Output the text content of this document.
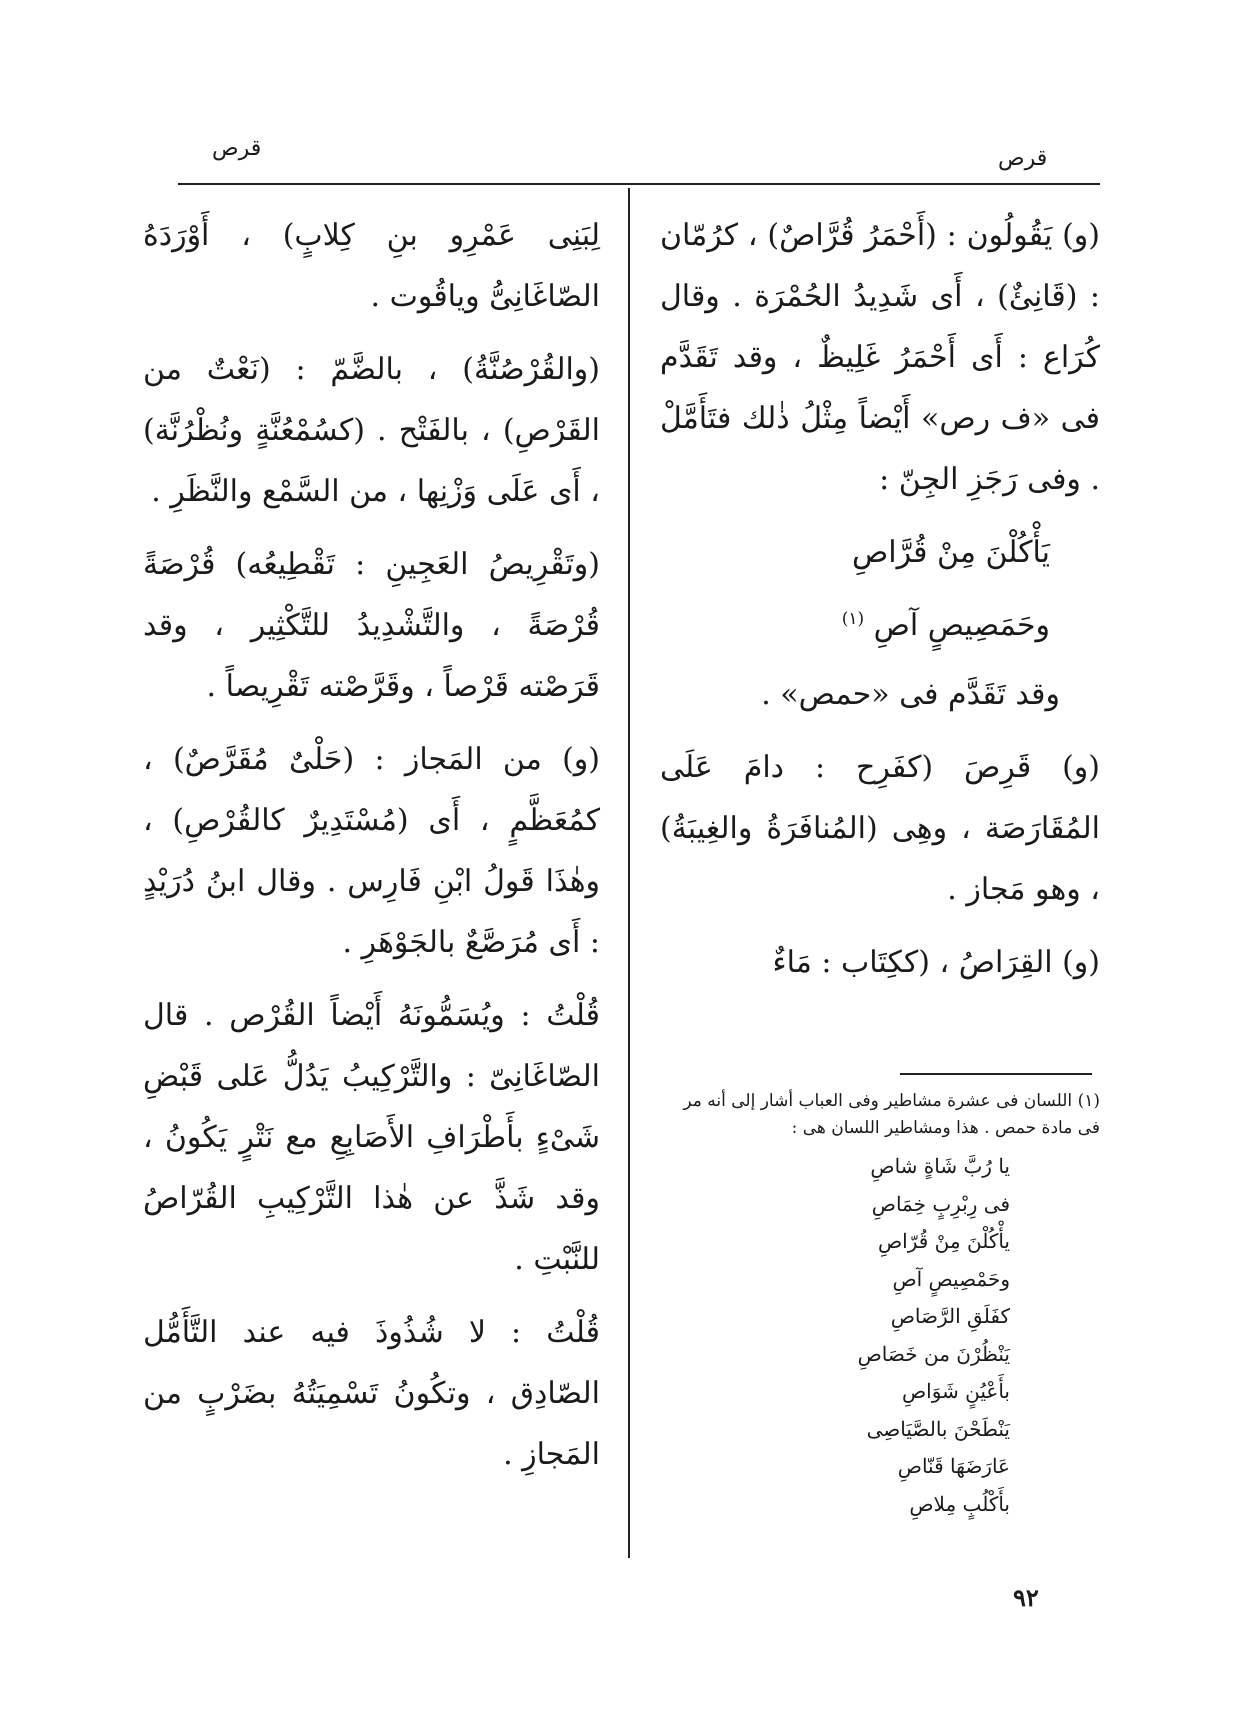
قرص	قرص

(و) يَقُولُون : (أَحْمَرُ قُرَّاصٌ) ، كرُمّان : (قَانِئٌ) ، أَى شَدِيدُ الحُمْرَة . وقال كُرَاع : أَى أَحْمَرُ غَلِيظٌ ، وقد تَقَدَّم فى «ف رص» أَيْضاً مِثْلُ ذٰلك فتَأَمَّلْ . وفى رَجَزِ الجِنّ :

يَأْكُلْنَ مِنْ قُرَّاصِ
وحَمَصِيصٍ آصِ $^{(١)}$

وقد تَقَدَّم فى «حمص» .

(و) قَرِصَ (كفَرِح : دامَ عَلَى المُقَارَصَة ، وهِى (المُنافَرَةُ والغِيبَةُ) ، وهو مَجاز .

(و) القِرَاصُ ، (ككِتَاب : مَاءٌ

(١) اللسان فى عشرة مشاطير وفى العباب أشار إلى أنه مر فى مادة حمص . هذا ومشاطير اللسان هى :
يا رُبَّ شَاةٍ شاصِ
فى رِبْرِبٍ خِمَاصِ
يأْكُلْنَ مِنْ قُرّاصِ
وحَمْصِيصٍ آصِ
كفَلَقِ الرَّصَاصِ
يَنْظُرْنَ من خَصَاصِ
بأَعْيُنٍ شَوَاصِ
يَنْطَحْنَ بالصَّيَاصِى
عَارَضَهَا قَنّاصِ
بأَكْلُبٍ مِلاصِ

لِبَنِى عَمْرِو بنِ كِلابٍ) ، أَوْرَدَهُ الصّاغَانِىُّ وياقُوت .

(والقُرْصُنَّةُ) ، بالضَّمّ : (نَعْتٌ من القَرْصِ) ، بالفَتْح . (كسُمْعُنَّةٍ ونُظْرُنَّة) ، أَى عَلَى وَزْنِها ، من السَّمْع والنَّظَرِ .

(وتَقْرِيصُ العَجِينِ : تَقْطِيعُه) قُرْصَةً قُرْصَةً ، والتَّشْدِيدُ للتَّكْثِير ، وقد قَرَصْته قَرْصاً ، وقَرَّصْته تَقْرِيصاً .

(و) من المَجاز : (حَلْىٌ مُقَرَّصٌ) ، كمُعَظَّمٍ ، أَى (مُسْتَدِيرٌ كالقُرْصِ) ، وهٰذَا قَولُ ابْنِ فَارِس . وقال ابنُ دُرَيْدٍ : أَى مُرَصَّعٌ بالجَوْهَرِ .

قُلْتُ : ويُسَمُّونَهُ أَيْضاً القُرْص . قال الصّاغَانِىّ : والتَّرْكِيبُ يَدُلُّ عَلى قَبْضِ شَىْءٍ بأَطْرَافِ الأَصَابِعِ مع نَتْرٍ يَكُونُ ، وقد شَذَّ عن هٰذا التَّرْكِيبِ القُرّاصُ للنَّبْتِ .

قُلْتُ : لا شُذُوذَ فيه عند التَّأَمُّل الصّادِق ، وتكُونُ تَسْمِيَتُهُ بضَرْبٍ من المَجازِ .

٩٢
